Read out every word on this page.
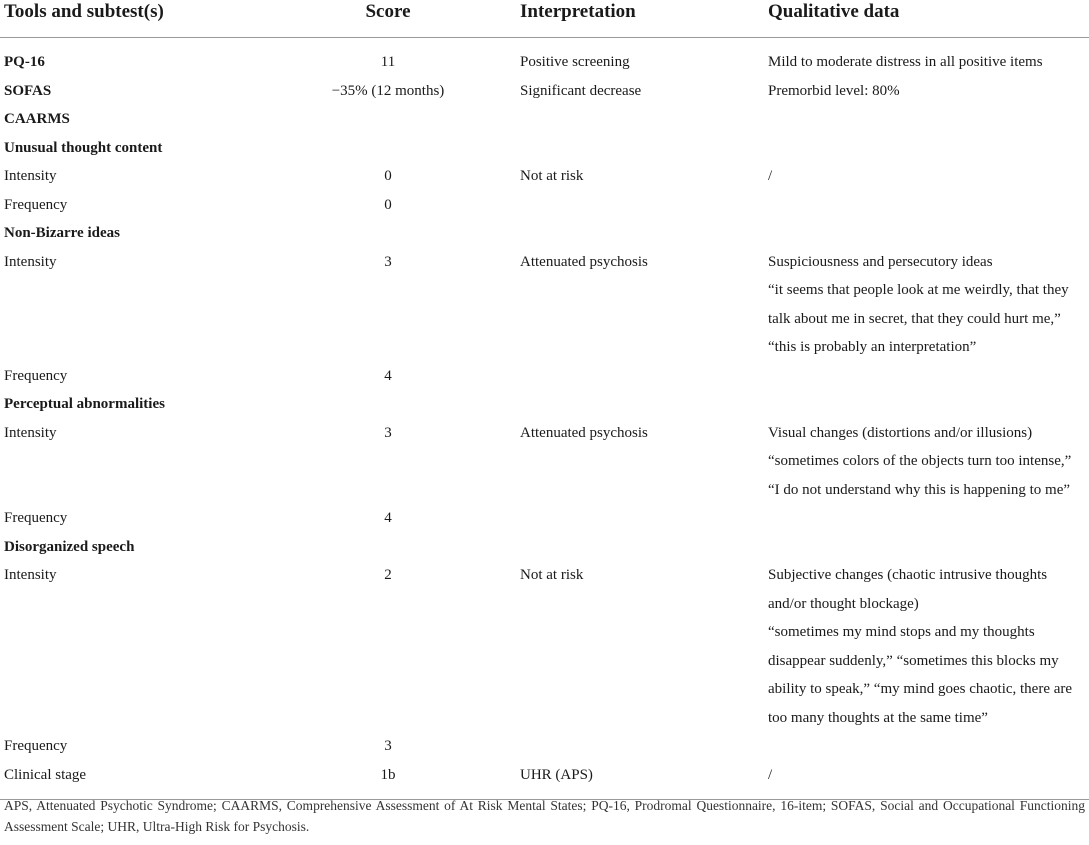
Tools and subtest(s)	Score	Interpretation	Qualitative data
PQ-16	11	Positive screening	Mild to moderate distress in all positive items

SOFAS	−35% (12 months)	Significant decrease	Premorbid level: 80%

CAARMS			
Unusual thought content			
Intensity	0	Not at risk	/

Frequency	0		
Non-Bizarre ideas			
Intensity	3	Attenuated psychosis	Suspiciousness and persecutory ideas
“it seems that people look at me weirdly, that they talk about me in secret, that they could hurt me,” “this is probably an interpretation”

Frequency	4		
Perceptual abnormalities			
Intensity	3	Attenuated psychosis	Visual changes (distortions and/or illusions)
“sometimes colors of the objects turn too intense,” “I do not understand why this is happening to me”

Frequency	4		
Disorganized speech			
Intensity	2	Not at risk	Subjective changes (chaotic intrusive thoughts and/or thought blockage)
“sometimes my mind stops and my thoughts disappear suddenly,” “sometimes this blocks my ability to speak,” “my mind goes chaotic, there are too many thoughts at the same time”

Frequency	3		
Clinical stage	1b	UHR (APS)	/
APS, Attenuated Psychotic Syndrome; CAARMS, Comprehensive Assessment of At Risk Mental States; PQ-16, Prodromal Questionnaire, 16-item; SOFAS, Social and Occupational Functioning Assessment Scale; UHR, Ultra-High Risk for Psychosis.
